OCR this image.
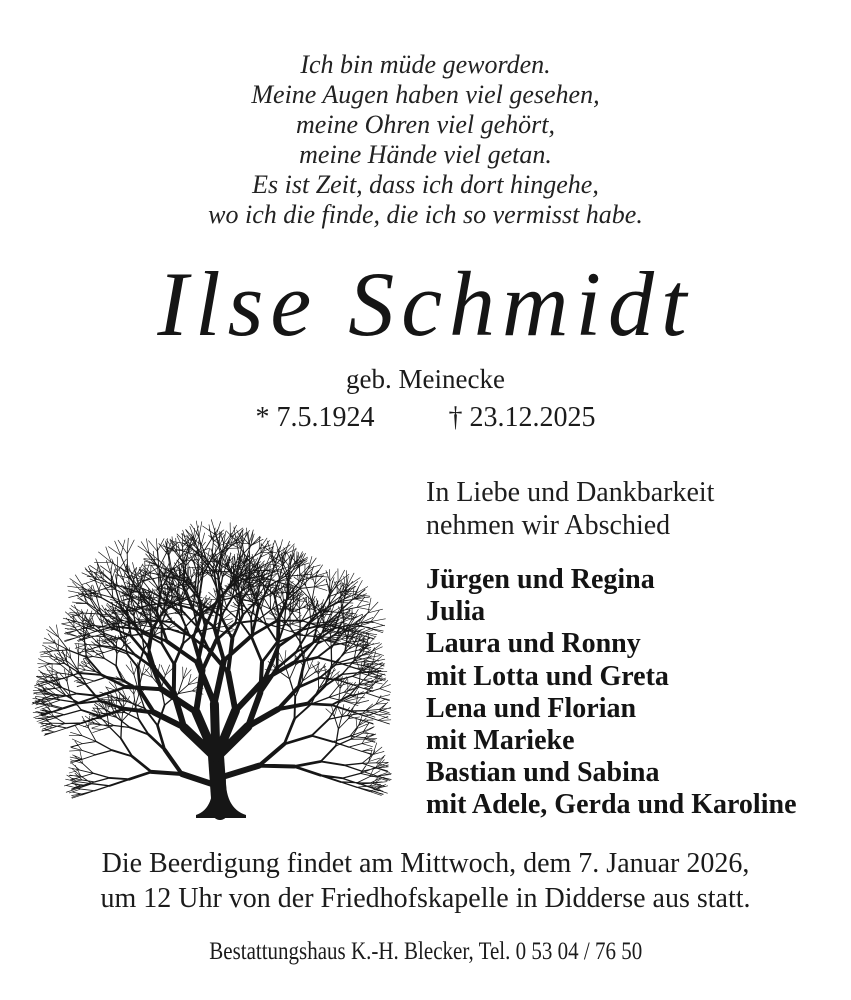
Ich bin müde geworden.
Meine Augen haben viel gesehen,
meine Ohren viel gehört,
meine Hände viel getan.
Es ist Zeit, dass ich dort hingehe,
wo ich die finde, die ich so vermisst habe.
Ilse Schmidt
geb. Meinecke
* 7.5.1924	† 23.12.2025
In Liebe und Dankbarkeit
nehmen wir Abschied
Jürgen und Regina
Julia
Laura und Ronny
mit Lotta und Greta
Lena und Florian
mit Marieke
Bastian und Sabina
mit Adele, Gerda und Karoline
Die Beerdigung findet am Mittwoch, dem 7. Januar 2026,
um 12 Uhr von der Friedhofskapelle in Didderse aus statt.
Bestattungshaus K.-H. Blecker, Tel. 0 53 04 / 76 50
